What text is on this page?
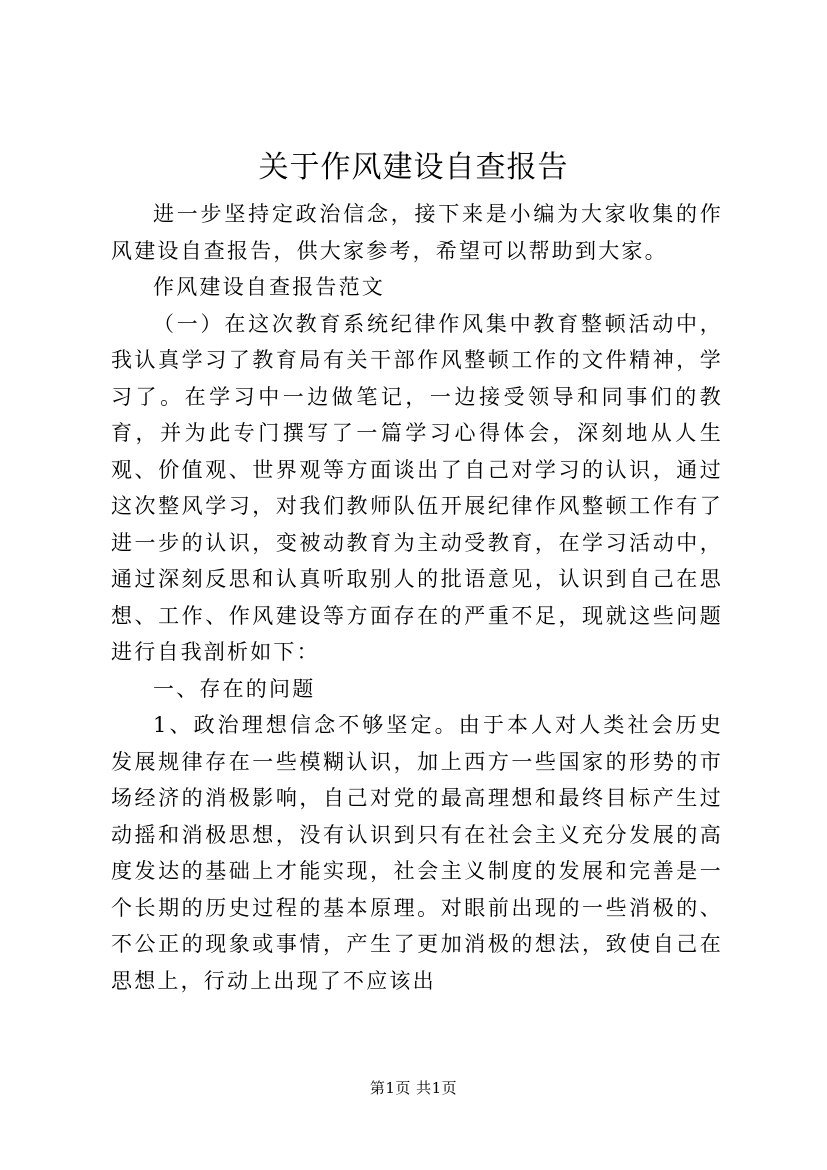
关于作风建设自查报告

进一步坚持定政治信念，接下来是小编为大家收集的作风建设自查报告，供大家参考，希望可以帮助到大家。

作风建设自查报告范文

（一）在这次教育系统纪律作风集中教育整顿活动中，我认真学习了教育局有关干部作风整顿工作的文件精神，学习了。在学习中一边做笔记，一边接受领导和同事们的教育，并为此专门撰写了一篇学习心得体会，深刻地从人生观、价值观、世界观等方面谈出了自己对学习的认识，通过这次整风学习，对我们教师队伍开展纪律作风整顿工作有了进一步的认识，变被动教育为主动受教育，在学习活动中，通过深刻反思和认真听取别人的批语意见，认识到自己在思想、工作、作风建设等方面存在的严重不足，现就这些问题进行自我剖析如下：

一、存在的问题

1、政治理想信念不够坚定。由于本人对人类社会历史发展规律存在一些模糊认识，加上西方一些国家的形势的市场经济的消极影响，自己对党的最高理想和最终目标产生过动摇和消极思想，没有认识到只有在社会主义充分发展的高度发达的基础上才能实现，社会主义制度的发展和完善是一个长期的历史过程的基本原理。对眼前出现的一些消极的、不公正的现象或事情，产生了更加消极的想法，致使自己在思想上，行动上出现了不应该出

第1页 共1页
